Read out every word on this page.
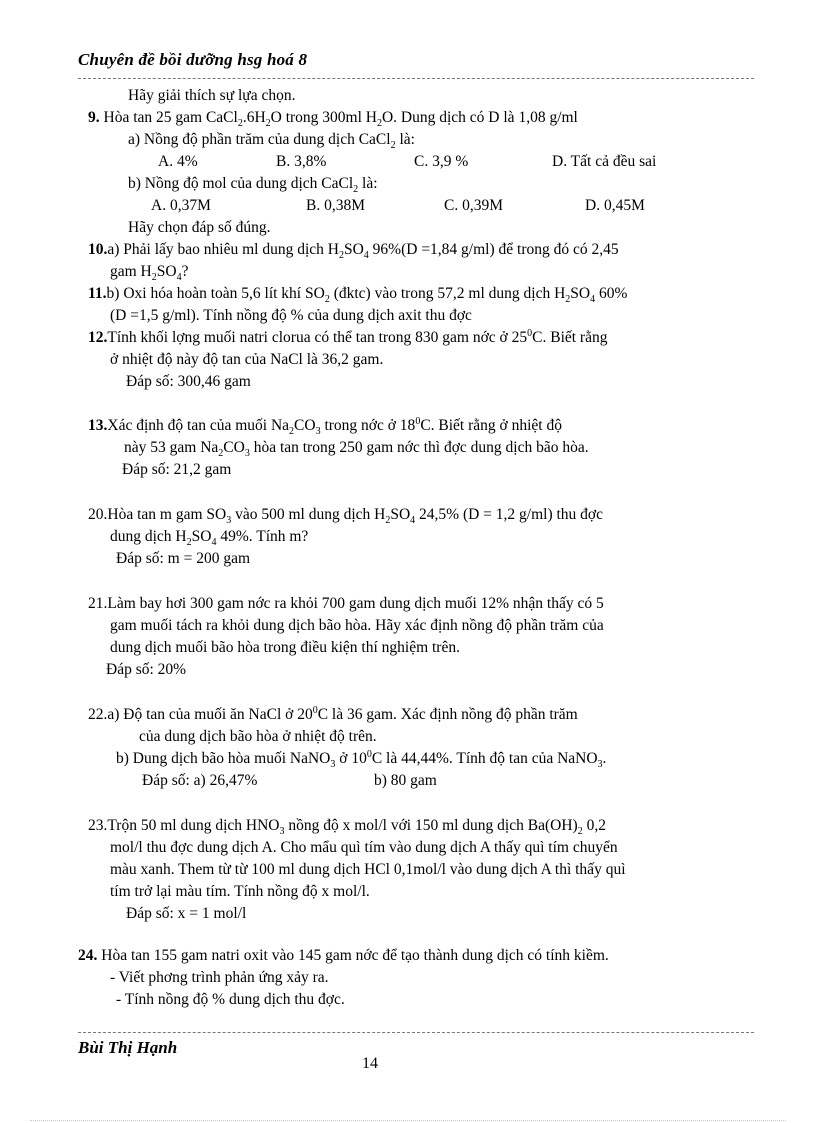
Chuyên đề bồi dưỡng hsg hoá 8
Hãy giải thích sự lựa chọn.
9. Hòa tan 25 gam $CaCl_2.6H_2O$ trong 300ml $H_2O$. Dung dịch có D là 1,08 g/ml
a) Nồng độ phần trăm của dung dịch CaCl$_2$ là:
A. 4%	B. 3,8%	C. 3,9 %	D. Tất cả đều sai
b) Nồng độ mol của dung dịch CaCl$_2$ là:
A. 0,37M	B. 0,38M	C. 0,39M	D. 0,45M
Hãy chọn đáp số đúng.
10.a) Phải lấy bao nhiêu ml dung dịch $H_2SO_4$ 96%(D =1,84 g/ml) để trong đó có 2,45
gam $H_2SO_4$?
11.b) Oxi hóa hoàn toàn 5,6 lít khí $SO_2$ (đktc) vào trong 57,2 ml dung dịch $H_2SO_4$ 60%
(D =1,5 g/ml). Tính nồng độ % của dung dịch axit thu đợc
12.Tính khối lợng muối natri clorua có thể tan trong 830 gam nớc ở $25^0C$. Biết rằng
ở nhiệt độ này độ tan của NaCl là 36,2 gam.
Đáp số: 300,46 gam
13.Xác định độ tan của muối $Na_2CO_3$ trong nớc ở $18^0C$. Biết rằng ở nhiệt độ
này 53 gam $Na_2CO_3$ hòa tan trong 250 gam nớc thì đợc dung dịch bão hòa.
Đáp số: 21,2 gam
20.Hòa tan m gam $SO_3$ vào 500 ml dung dịch $H_2SO_4$ 24,5% (D = 1,2 g/ml) thu đợc
dung dịch $H_2SO_4$ 49%. Tính m?
Đáp số: m = 200 gam
21.Làm bay hơi 300 gam nớc ra khỏi 700 gam dung dịch muối 12% nhận thấy có 5
gam muối tách ra khỏi dung dịch bão hòa. Hãy xác định nồng độ phần trăm của
dung dịch muối bão hòa trong điều kiện thí nghiệm trên.
Đáp số: 20%
22.a) Độ tan của muối ăn NaCl ở $20^0C$ là 36 gam. Xác định nồng độ phần trăm
của dung dịch bão hòa ở nhiệt độ trên.
b) Dung dịch bão hòa muối NaNO$_3$ ở $10^0C$ là 44,44%. Tính độ tan của NaNO$_3$.
Đáp số: a) 26,47%	b) 80 gam
23.Trộn 50 ml dung dịch $HNO_3$ nồng độ x mol/l với 150 ml dung dịch $Ba(OH)_2$ 0,2
mol/l thu đợc dung dịch A. Cho mẩu quì tím vào dung dịch A thấy quì tím chuyển
màu xanh. Them từ từ 100 ml dung dịch HCl 0,1mol/l vào dung dịch A thì thấy quì
tím trở lại màu tím. Tính nồng độ x mol/l.
Đáp số: x = 1 mol/l
24. Hòa tan 155 gam natri oxit vào 145 gam nớc để tạo thành dung dịch có tính kiềm.
- Viết phơng trình phản ứng xảy ra.
- Tính nồng độ % dung dịch thu đợc.
Bùi Thị Hạnh
14
